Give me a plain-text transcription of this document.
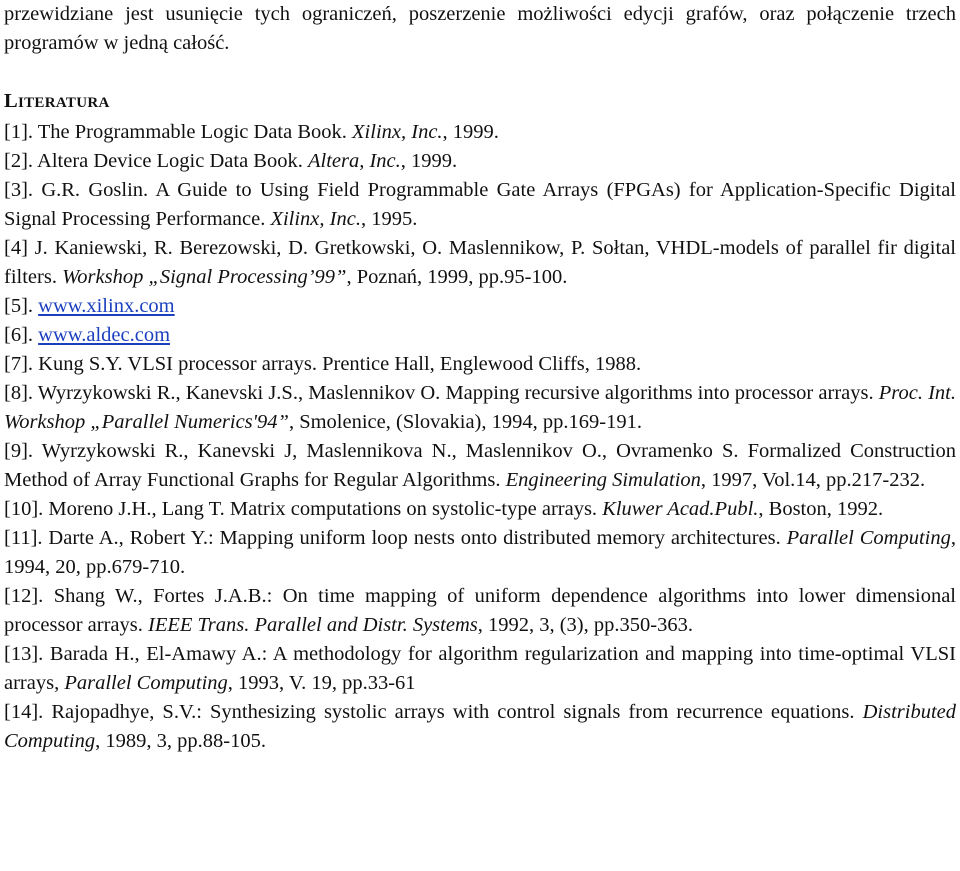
przewidziane jest usunięcie tych ograniczeń, poszerzenie możliwości edycji grafów, oraz połączenie trzech programów w jedną całość.

LITERATURA

[1]. The Programmable Logic Data Book. Xilinx, Inc., 1999.

[2]. Altera Device Logic Data Book. Altera, Inc., 1999.

[3]. G.R. Goslin. A Guide to Using Field Programmable Gate Arrays (FPGAs) for Application-Specific Digital Signal Processing Performance. Xilinx, Inc., 1995.

[4] J. Kaniewski, R. Berezowski, D. Gretkowski, O. Maslennikow, P. Sołtan, VHDL-models of parallel fir digital filters. Workshop „Signal Processing’99”, Poznań, 1999, pp.95-100.

[5]. www.xilinx.com

[6]. www.aldec.com

[7]. Kung S.Y. VLSI processor arrays. Prentice Hall, Englewood Cliffs, 1988.

[8]. Wyrzykowski R., Kanevski J.S., Maslennikov O. Mapping recursive algorithms into processor arrays. Proc. Int. Workshop „Parallel Numerics'94”, Smolenice, (Slovakia), 1994, pp.169-191.

[9]. Wyrzykowski R., Kanevski J, Maslennikova N., Maslennikov O., Ovramenko S. Formalized Construction Method of Array Functional Graphs for Regular Algorithms. Engineering Simulation, 1997, Vol.14, pp.217-232.

[10]. Moreno J.H., Lang T. Matrix computations on systolic-type arrays. Kluwer Acad.Publ., Boston, 1992.

[11]. Darte A., Robert Y.: Mapping uniform loop nests onto distributed memory architectures. Parallel Computing, 1994, 20, pp.679-710.

[12]. Shang W., Fortes J.A.B.: On time mapping of uniform dependence algorithms into lower dimensional processor arrays. IEEE Trans. Parallel and Distr. Systems, 1992, 3, (3), pp.350-363.

[13]. Barada H., El-Amawy A.: A methodology for algorithm regularization and mapping into time-optimal VLSI arrays, Parallel Computing, 1993, V. 19, pp.33-61

[14]. Rajopadhye, S.V.: Synthesizing systolic arrays with control signals from recurrence equations. Distributed Computing, 1989, 3, pp.88-105.
